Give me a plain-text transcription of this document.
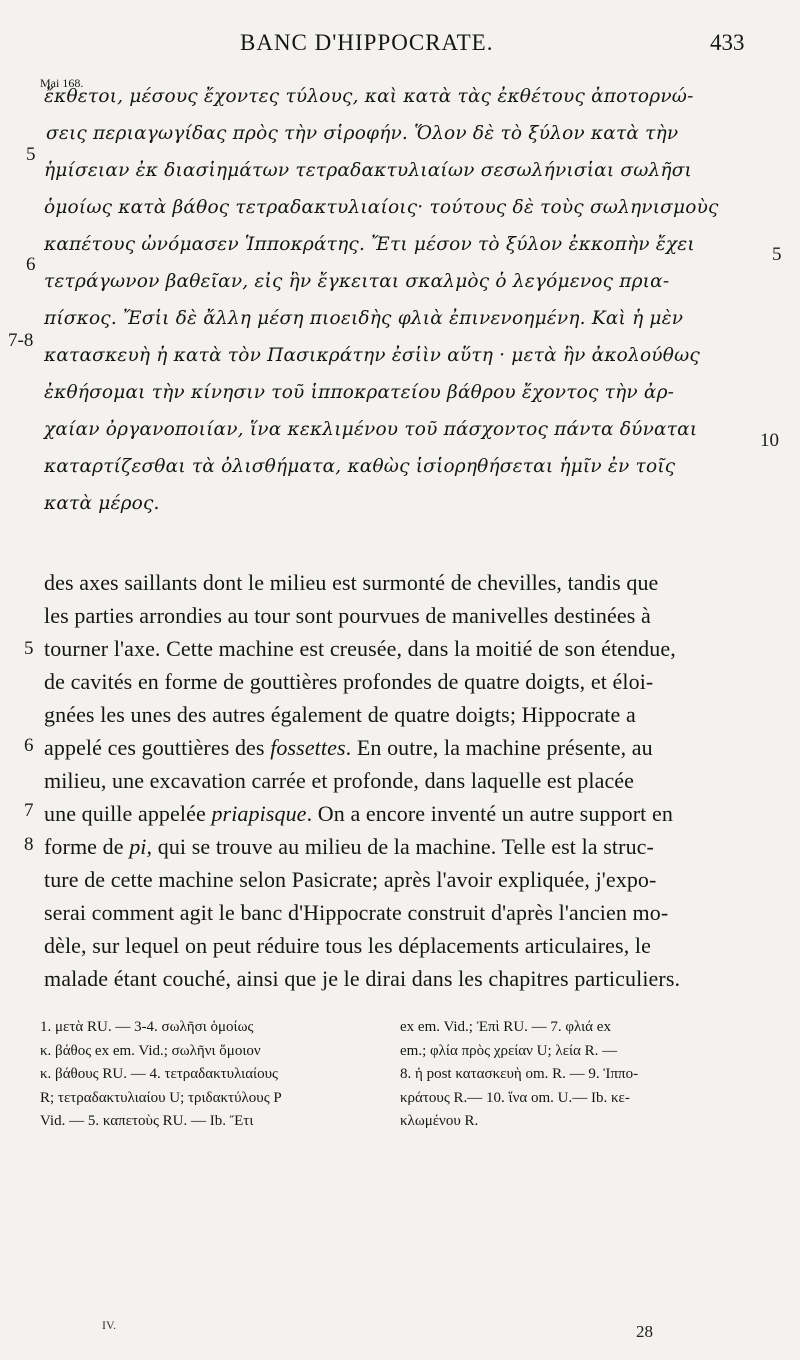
BANC D'HIPPOCRATE.	433
Mai 168.
ἔκθετοι, μέσους ἔχοντες τύλους, καὶ κατὰ τὰς ἐκθέτους ἀποτορνώ-
σεις περιαγωγίδας πρὸς τὴν σἱροφήν. Ὅλον δὲ τὸ ξύλον κατὰ τὴν
ἡμίσειαν ἐκ διασἱημάτων τετραδακτυλιαίων σεσωλήνισἱαι σωλῆσι
ὁμοίως κατὰ βάθος τετραδακτυλιαίοις· τούτους δὲ τοὺς σωληνισμοὺς
καπέτους ὠνόμασεν Ἱπποκράτης. Ἔτι μέσον τὸ ξύλον ἐκκοπὴν ἔχει
τετράγωνον βαθεῖαν, εἰς ἣν ἔγκειται σκαλμὸς ὁ λεγόμενος πρια-
πίσκος. Ἔσἱι δὲ ἄλλη μέση πιοειδὴς φλιὰ ἐπινενοημένη. Καὶ ἡ μὲν
κατασκευὴ ἡ κατὰ τὸν Πασικράτην ἐσἱὶν αὕτη · μετὰ ἣν ἀκολούθως
ἐκθήσομαι τὴν κίνησιν τοῦ ἱπποκρατείου βάθρου ἔχοντος τὴν ἀρ-
χαίαν ὀργανοποιίαν, ἵνα κεκλιμένου τοῦ πάσχοντος πάντα δύναται
καταρτίζεσθαι τὰ ὀλισθήματα, καθὼς ἱσἱορηθήσεται ἡμῖν ἐν τοῖς
κατὰ μέρος.
5
6
7-8
5
10
des axes saillants dont le milieu est surmonté de chevilles, tandis que
les parties arrondies au tour sont pourvues de manivelles destinées à
tourner l'axe. Cette machine est creusée, dans la moitié de son étendue,
de cavités en forme de gouttières profondes de quatre doigts, et éloi-
gnées les unes des autres également de quatre doigts; Hippocrate a
appelé ces gouttières des fossettes. En outre, la machine présente, au
milieu, une excavation carrée et profonde, dans laquelle est placée
une quille appelée priapisque. On a encore inventé un autre support en
forme de pi, qui se trouve au milieu de la machine. Telle est la struc-
ture de cette machine selon Pasicrate; après l'avoir expliquée, j'expo-
serai comment agit le banc d'Hippocrate construit d'après l'ancien mo-
dèle, sur lequel on peut réduire tous les déplacements articulaires, le
malade étant couché, ainsi que je le dirai dans les chapitres particuliers.
5
6
7
8
1. μετὰ RU. — 3-4. σωλῆσι ὁμοίως
κ. βάθος ex em. Vid.; σωλῆνι ὅμοιον
κ. βάθους RU. — 4. τετραδακτυλιαίους
R; τετραδακτυλιαίου U; τριδακτύλους P
Vid. — 5. καπετοὺς RU. — Ib. Ἔτι
ex em. Vid.; Ἐπὶ RU. — 7. φλιά ex
em.; φλία πρὸς χρείαν U; λεία R. —
8. ἡ post κατασκευὴ om. R. — 9. Ἱππο-
κράτους R.— 10. ἵνα om. U.— Ib. κε-
κλωμένου R.
IV.	28
